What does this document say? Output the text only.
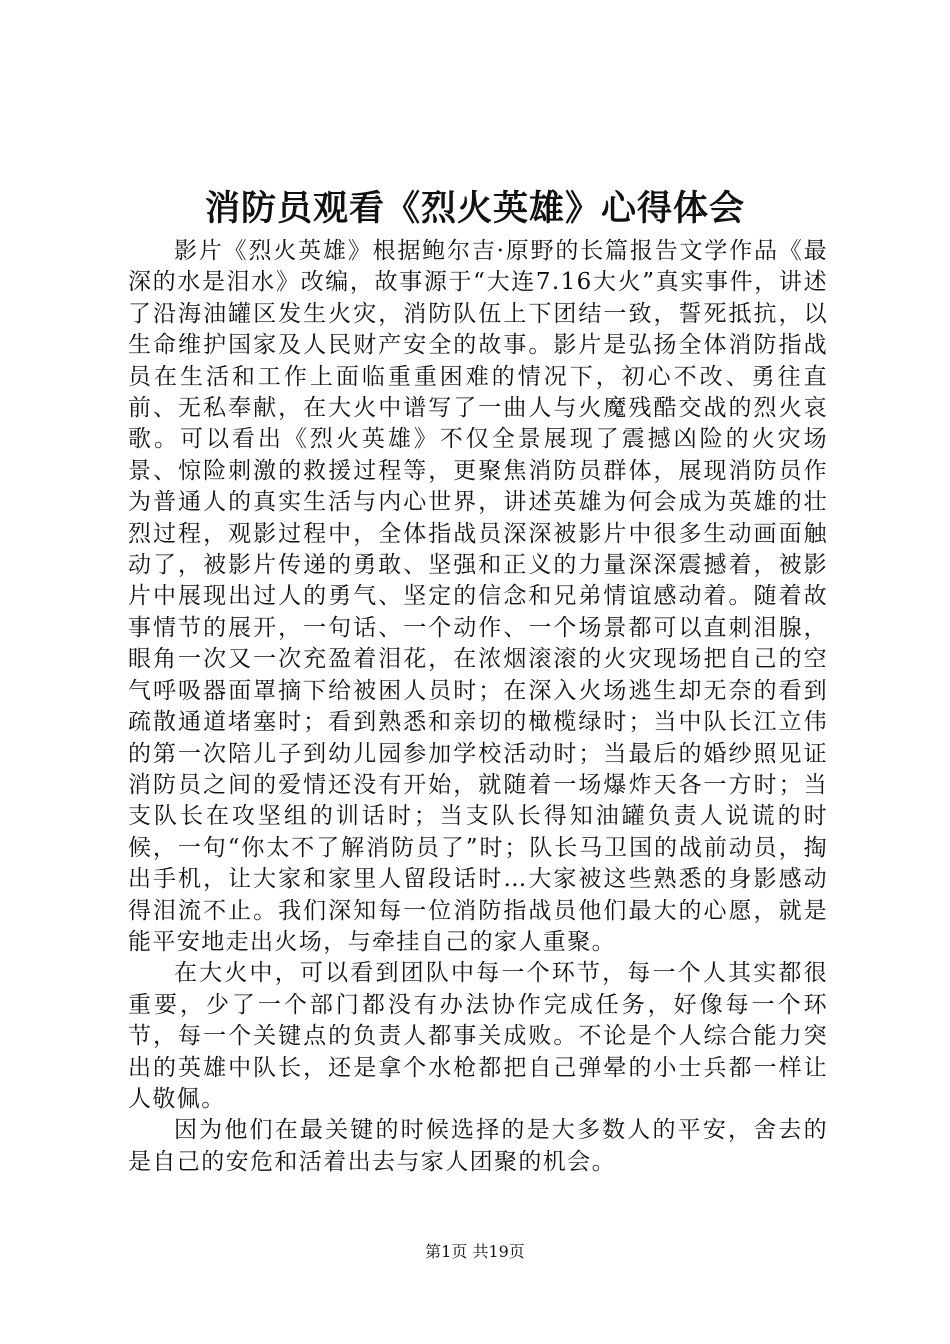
消防员观看《烈火英雄》心得体会

影片《烈火英雄》根据鲍尔吉·原野的长篇报告文学作品《最深的水是泪水》改编，故事源于“大连7.16大火”真实事件，讲述了沿海油罐区发生火灾，消防队伍上下团结一致，誓死抵抗，以生命维护国家及人民财产安全的故事。影片是弘扬全体消防指战员在生活和工作上面临重重困难的情况下，初心不改、勇往直前、无私奉献，在大火中谱写了一曲人与火魔残酷交战的烈火哀歌。可以看出《烈火英雄》不仅全景展现了震撼凶险的火灾场景、惊险刺激的救援过程等，更聚焦消防员群体，展现消防员作为普通人的真实生活与内心世界，讲述英雄为何会成为英雄的壮烈过程，观影过程中，全体指战员深深被影片中很多生动画面触动了，被影片传递的勇敢、坚强和正义的力量深深震撼着，被影片中展现出过人的勇气、坚定的信念和兄弟情谊感动着。随着故事情节的展开，一句话、一个动作、一个场景都可以直刺泪腺，眼角一次又一次充盈着泪花，在浓烟滚滚的火灾现场把自己的空气呼吸器面罩摘下给被困人员时；在深入火场逃生却无奈的看到疏散通道堵塞时；看到熟悉和亲切的橄榄绿时；当中队长江立伟的第一次陪儿子到幼儿园参加学校活动时；当最后的婚纱照见证消防员之间的爱情还没有开始，就随着一场爆炸天各一方时；当支队长在攻坚组的训话时；当支队长得知油罐负责人说谎的时候，一句“你太不了解消防员了”时；队长马卫国的战前动员，掏出手机，让大家和家里人留段话时…大家被这些熟悉的身影感动得泪流不止。我们深知每一位消防指战员他们最大的心愿，就是能平安地走出火场，与牵挂自己的家人重聚。

在大火中，可以看到团队中每一个环节，每一个人其实都很重要，少了一个部门都没有办法协作完成任务，好像每一个环节，每一个关键点的负责人都事关成败。不论是个人综合能力突出的英雄中队长，还是拿个水枪都把自己弹晕的小士兵都一样让人敬佩。

因为他们在最关键的时候选择的是大多数人的平安，舍去的是自己的安危和活着出去与家人团聚的机会。

第1页 共19页
